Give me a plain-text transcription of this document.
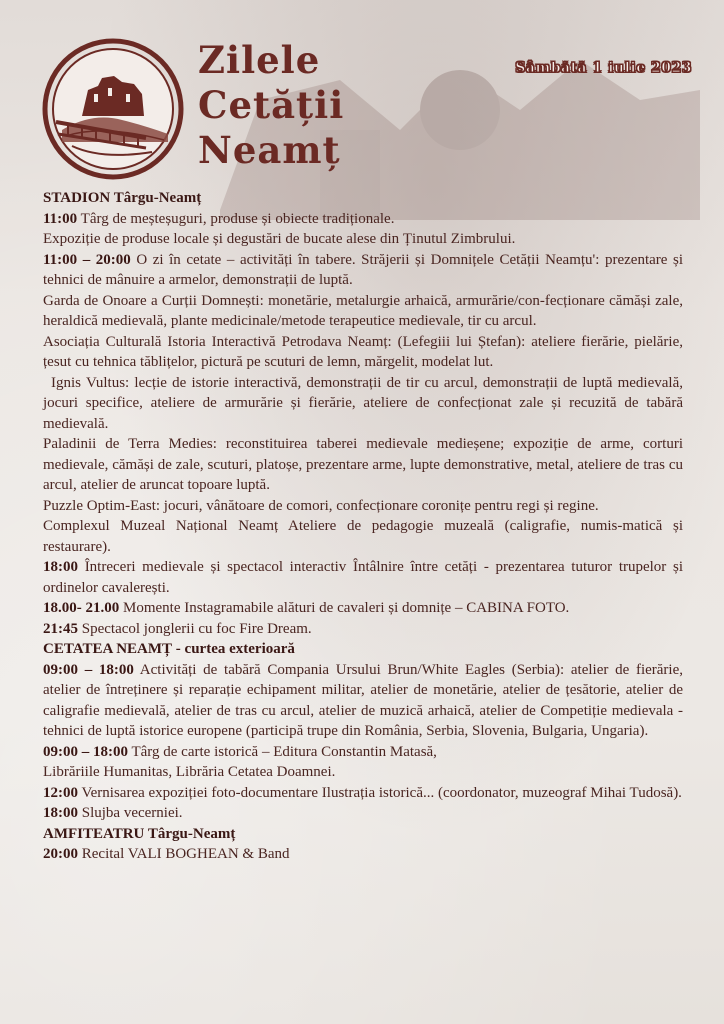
Zilele
Cetății
Neamț
Sâmbătă 1 iulie 2023

STADION Târgu-Neamț

11:00 Târg de meșteșuguri, produse și obiecte tradiționale.

Expoziție de produse locale și degustări de bucate alese din Ținutul Zimbrului.

11:00 – 20:00 O zi în cetate – activități în tabere. Străjerii și Domnițele Cetății Neamțu': prezentare și tehnici de mânuire a armelor, demonstrații de luptă.

Garda de Onoare a Curții Domnești: monetărie, metalurgie arhaică, armurărie/con-fecționare cămăși zale, heraldică medievală, plante medicinale/metode terapeutice medievale, tir cu arcul.

Asociația Culturală Istoria Interactivă Petrodava Neamț: (Lefegiii lui Ștefan): ateliere fierărie, pielărie, țesut cu tehnica tăblițelor, pictură pe scuturi de lemn, mărgelit, modelat lut.

Ignis Vultus: lecție de istorie interactivă, demonstrații de tir cu arcul, demonstrații de luptă medievală, jocuri specifice, ateliere de armurărie și fierărie, ateliere de confecționat zale și recuzită de tabără medievală.

Paladinii de Terra Medies: reconstituirea taberei medievale medieșene; expoziție de arme, corturi medievale, cămăși de zale, scuturi, platoșe, prezentare arme, lupte demonstrative, metal, ateliere de tras cu arcul, atelier de aruncat topoare luptă.

Puzzle Optim-East: jocuri, vânătoare de comori, confecționare coronițe pentru regi și regine.

Complexul Muzeal Național Neamț Ateliere de pedagogie muzeală (caligrafie, numis-matică și restaurare).

18:00 Întreceri medievale și spectacol interactiv Întâlnire între cetăți - prezentarea tuturor trupelor și ordinelor cavalerești.

18.00- 21.00 Momente Instagramabile alături de cavaleri și domnițe – CABINA FOTO.

21:45 Spectacol jonglerii cu foc Fire Dream.

CETATEA NEAMȚ - curtea exterioară

09:00 – 18:00 Activități de tabără Compania Ursului Brun/White Eagles (Serbia): atelier de fierărie, atelier de întreținere și reparație echipament militar, atelier de monetărie, atelier de țesătorie, atelier de caligrafie medievală, atelier de tras cu arcul, atelier de muzică arhaică, atelier de Competiție medievala - tehnici de luptă istorice europene (participă trupe din România, Serbia, Slovenia, Bulgaria, Ungaria).

09:00 – 18:00 Târg de carte istorică – Editura Constantin Matasă,

Librăriile Humanitas, Librăria Cetatea Doamnei.

12:00 Vernisarea expoziției foto-documentare Ilustrația istorică... (coordonator, muzeograf Mihai Tudosă).

18:00 Slujba vecerniei.

AMFITEATRU Târgu-Neamț

20:00 Recital VALI BOGHEAN & Band
